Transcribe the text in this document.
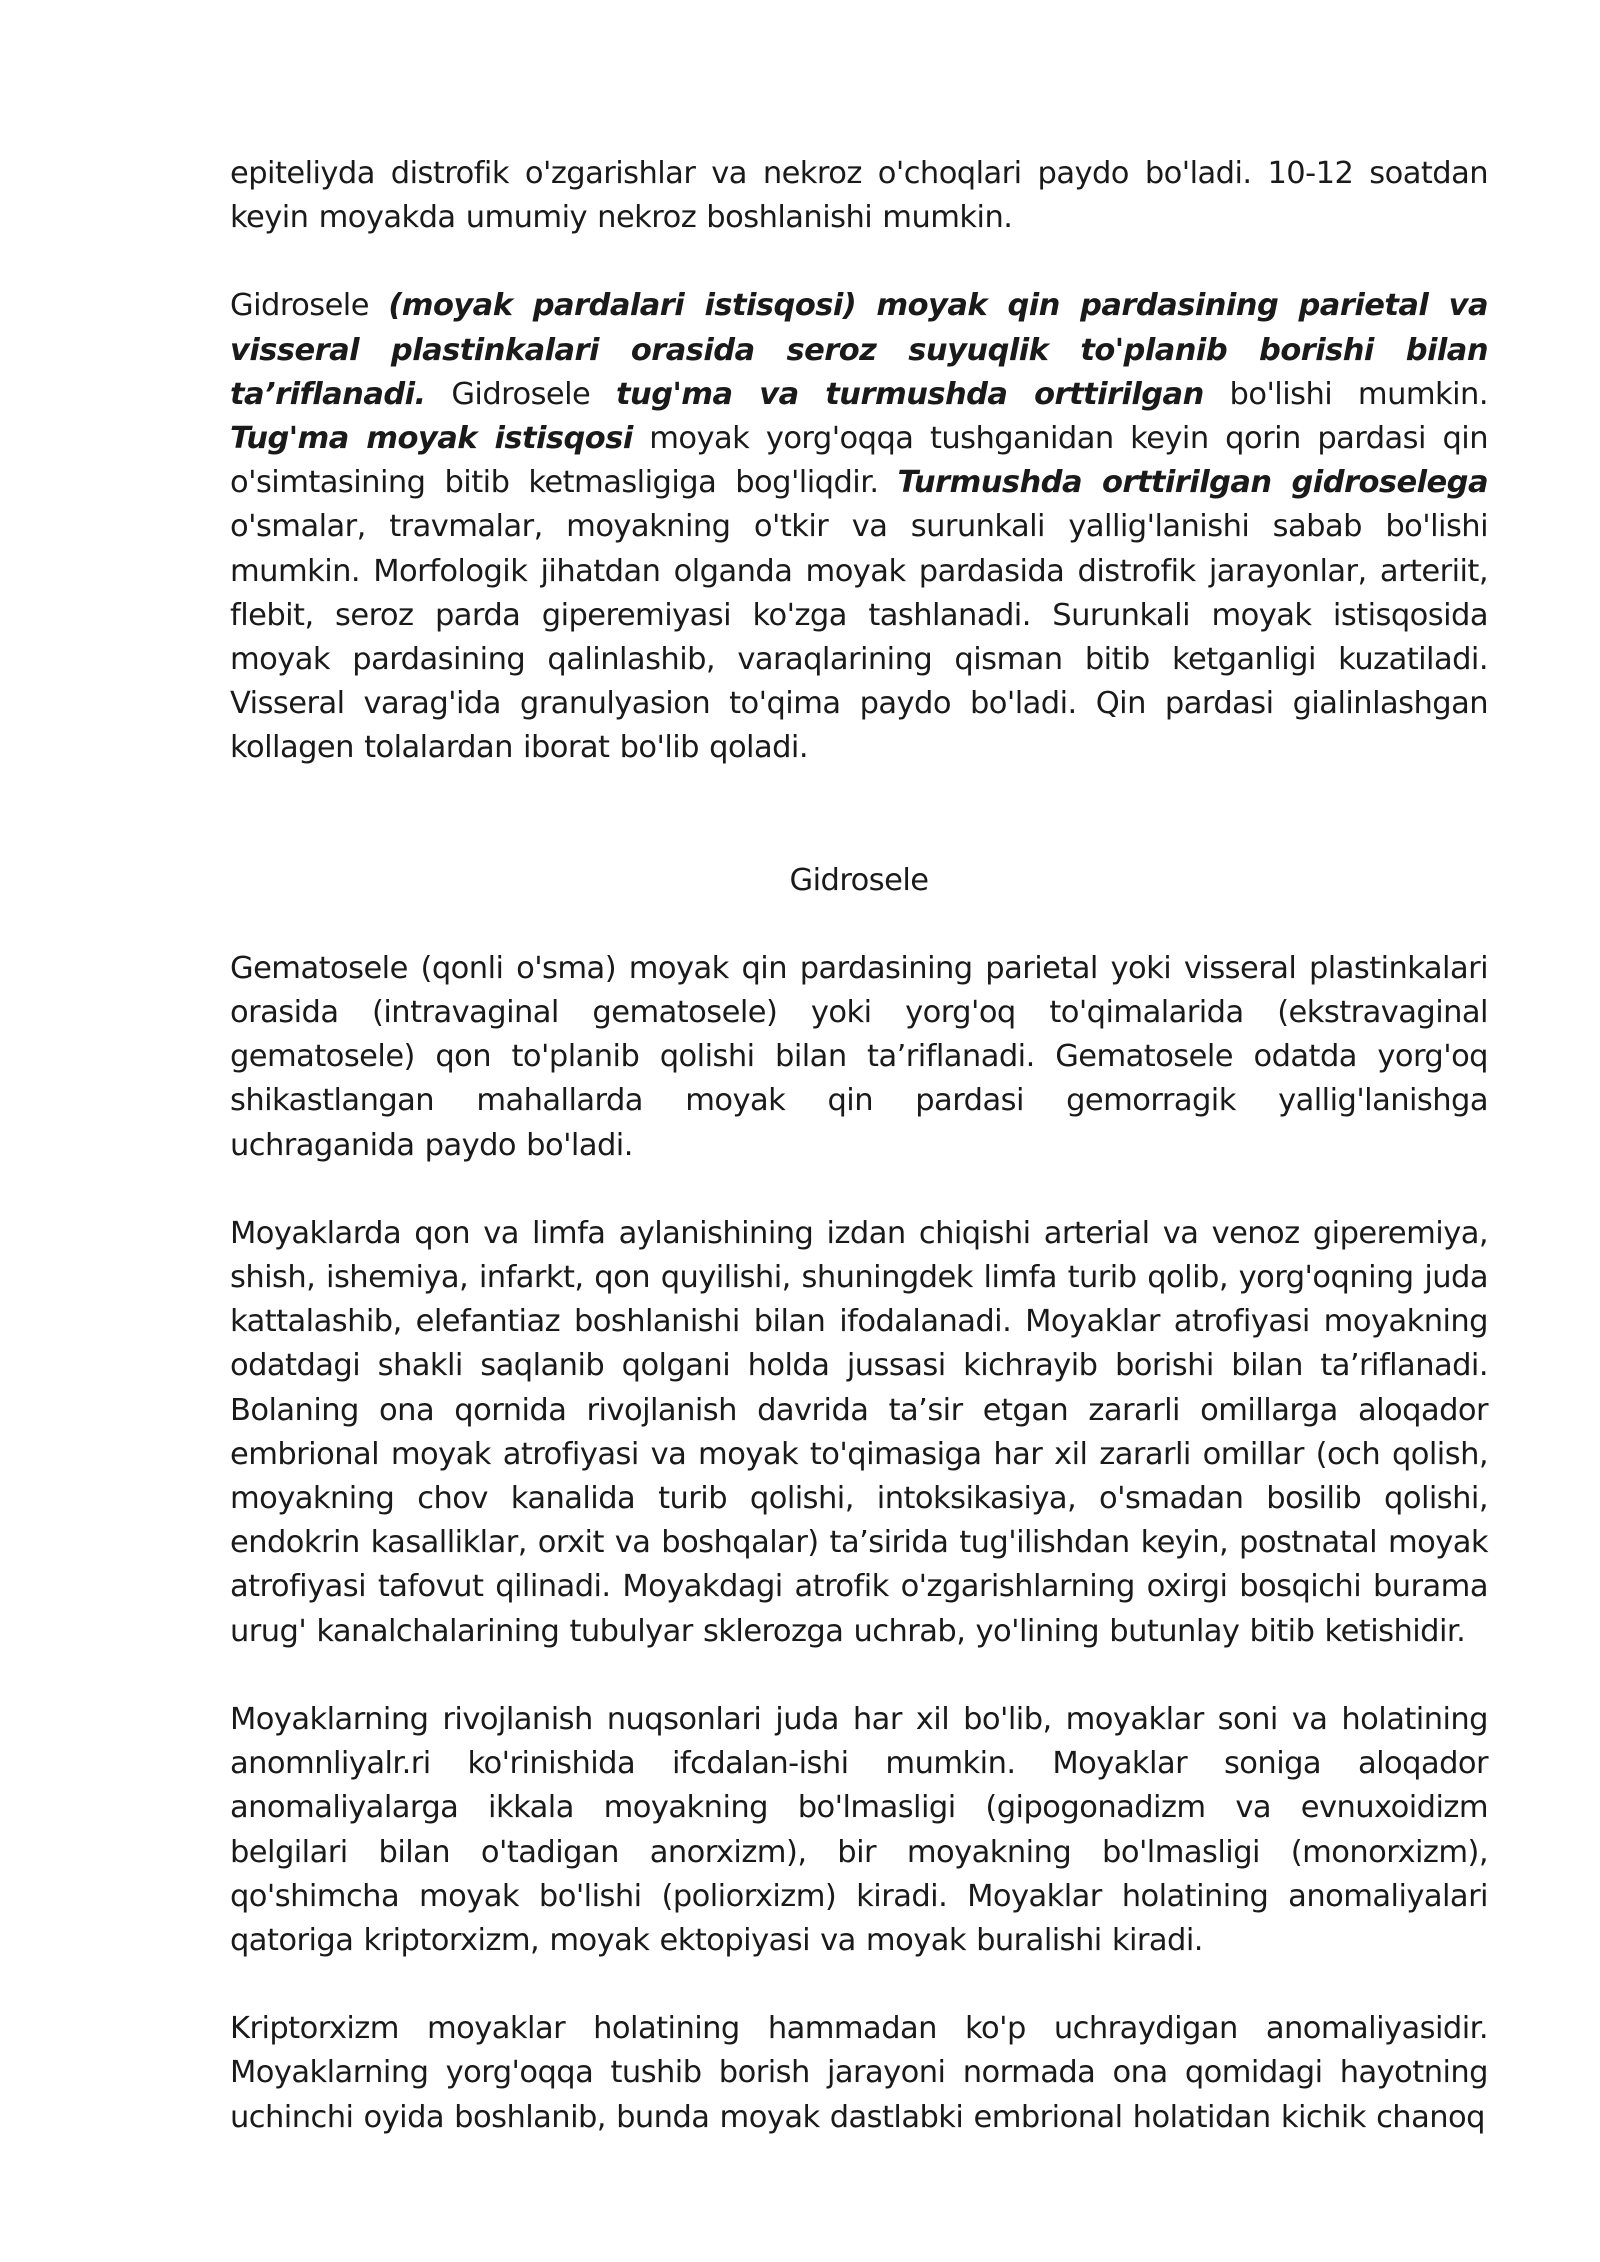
epiteliyda distrofik o'zgarishlar va nekroz o'choqlari paydo bo'ladi. 10-12 soatdan keyin moyakda umumiy nekroz boshlanishi mumkin.

Gidrosele (moyak pardalari istisqosi) moyak qin pardasining parietal va visseral plastinkalari orasida seroz suyuqlik to'planib borishi bilan ta’riflanadi. Gidrosele tug'ma va turmushda orttirilgan bo'lishi mumkin. Tug'ma moyak istisqosi moyak yorg'oqqa tushganidan keyin qorin pardasi qin o'simtasining bitib ketmasligiga bog'liqdir. Turmushda orttirilgan gidroselega o'smalar, travmalar, moyakning o'tkir va surunkali yallig'lanishi sabab bo'lishi mumkin. Morfologik jihatdan olganda moyak pardasida distrofik jarayonlar, arteriit, flebit, seroz parda giperemiyasi ko'zga tashlanadi. Surunkali moyak istisqosida moyak pardasining qalinlashib, varaqlarining qisman bitib ketganligi kuzatiladi. Visseral varag'ida granulyasion to'qima paydo bo'ladi. Qin pardasi gialinlashgan kollagen tolalardan iborat bo'lib qoladi.

Gidrosele

Gematosele (qonli o'sma) moyak qin pardasining parietal yoki visseral plastinkalari orasida (intravaginal gematosele) yoki yorg'oq to'qimalarida (ekstravaginal gematosele) qon to'planib qolishi bilan ta’riflanadi. Gematosele odatda yorg'oq shikastlangan mahallarda moyak qin pardasi gemorragik yallig'lanishga uchraganida paydo bo'ladi.

Moyaklarda qon va limfa aylanishining izdan chiqishi arterial va venoz giperemiya, shish, ishemiya, infarkt, qon quyilishi, shuningdek limfa turib qolib, yorg'oqning juda kattalashib, elefantiaz boshlanishi bilan ifodalanadi. Moyaklar atrofiyasi moyakning odatdagi shakli saqlanib qolgani holda jussasi kichrayib borishi bilan ta’riflanadi. Bolaning ona qornida rivojlanish davrida ta’sir etgan zararli omillarga aloqador embrional moyak atrofiyasi va moyak to'qimasiga har xil zararli omillar (och qolish, moyakning chov kanalida turib qolishi, intoksikasiya, o'smadan bosilib qolishi, endokrin kasalliklar, orxit va boshqalar) ta’sirida tug'ilishdan keyin, postnatal moyak atrofiyasi tafovut qilinadi. Moyakdagi atrofik o'zgarishlarning oxirgi bosqichi burama urug' kanalchalarining tubulyar sklerozga uchrab, yo'lining butunlay bitib ketishidir.

Moyaklarning rivojlanish nuqsonlari juda har xil bo'lib, moyaklar soni va holatining anomnliyalr.ri ko'rinishida ifcdalan-ishi mumkin. Moyaklar soniga aloqador anomaliyalarga ikkala moyakning bo'lmasligi (gipogonadizm va evnuxoidizm belgilari bilan o'tadigan anorxizm), bir moyakning bo'lmasligi (monorxizm), qo'shimcha moyak bo'lishi (poliorxizm) kiradi. Moyaklar holatining anomaliyalari qatoriga kriptorxizm, moyak ektopiyasi va moyak buralishi kiradi.

Kriptorxizm moyaklar holatining hammadan ko'p uchraydigan anomaliyasidir. Moyaklarning yorg'oqqa tushib borish jarayoni normada ona qomidagi hayotning uchinchi oyida boshlanib, bunda moyak dastlabki embrional holatidan kichik chanoq
